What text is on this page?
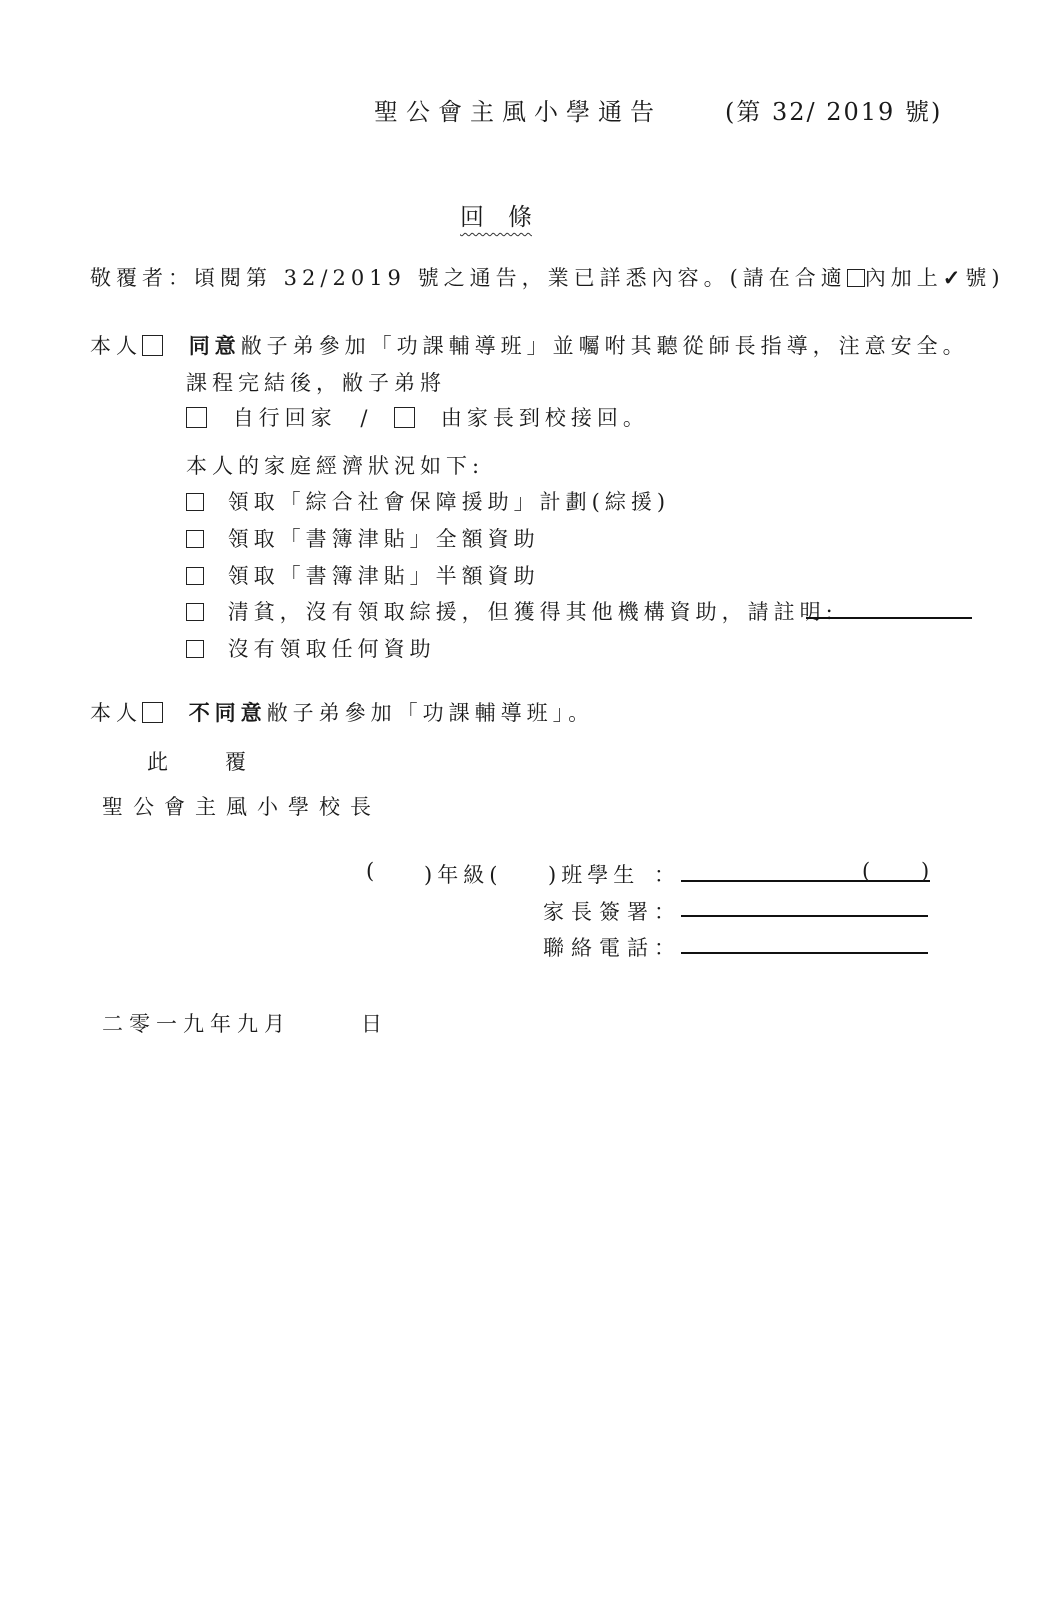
聖公會主風小學通告	(第 32/ 2019 號)
回　條
敬覆者：頃閱第 32/2019 號之通告，業已詳悉內容。(請在合適 內加上✓號)
本人 同意敝子弟參加「功課輔導班」並囑咐其聽從師長指導，注意安全。
課程完結後，敝子弟將
自行回家 /	由家長到校接回。
本人的家庭經濟狀況如下:
領取「綜合社會保障援助」計劃(綜援)
領取「書簿津貼」全額資助
領取「書簿津貼」半額資助
清貧，沒有領取綜援，但獲得其他機構資助，請註明:
沒有領取任何資助
本人 不同意敝子弟參加「功課輔導班」。
此　覆
聖公會主風小學校長
( )年級( )班學生 ：	( )
家長簽署 ：
聯絡電話 ：
二零一九年九月	日
